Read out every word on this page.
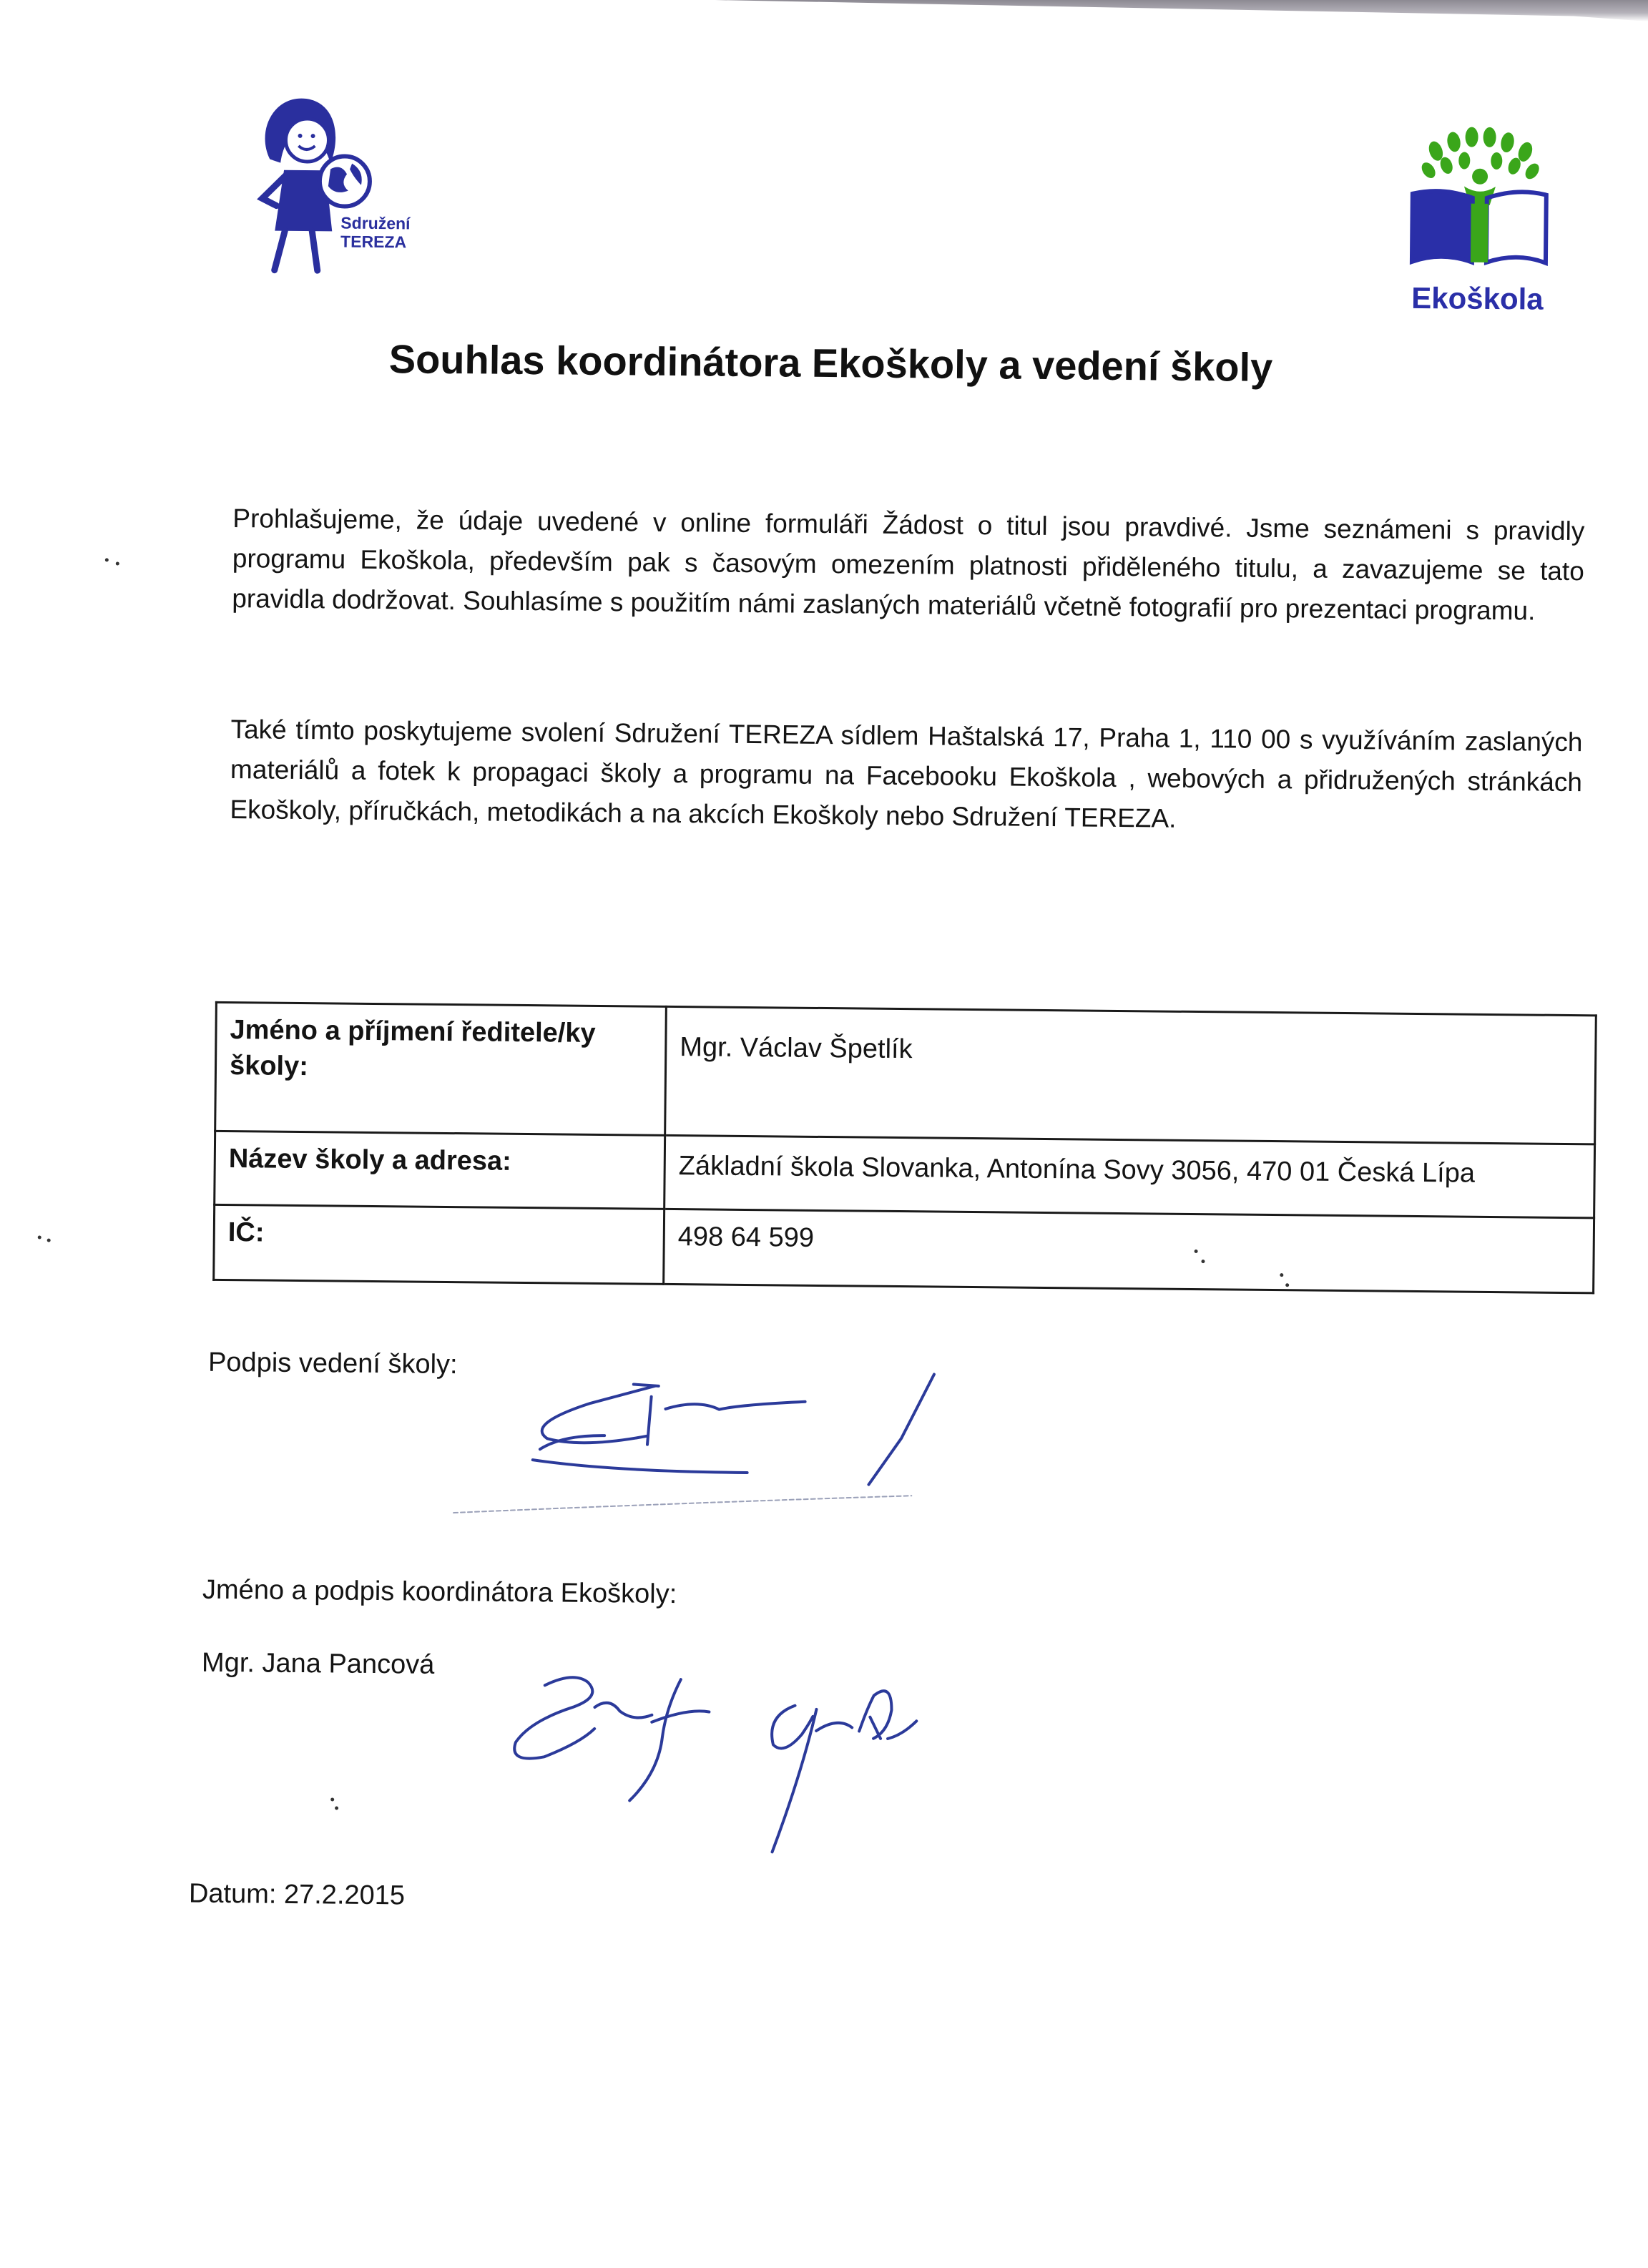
Sdružení
TEREZA
Ekoškola
Souhlas koordinátora Ekoškoly a vedení školy
Prohlašujeme, že údaje uvedené v online formuláři Žádost o titul jsou pravdivé. Jsme seznámeni s pravidly programu Ekoškola, především pak s časovým omezením platnosti přiděleného titulu, a zavazujeme se tato pravidla dodržovat. Souhlasíme s použitím námi zaslaných materiálů včetně fotografií pro prezentaci programu.
Také tímto poskytujeme svolení Sdružení TEREZA sídlem Haštalská 17, Praha 1, 110 00 s využíváním zaslaných materiálů a fotek k propagaci školy a programu na Facebooku Ekoškola , webových a přidružených stránkách Ekoškoly, příručkách, metodikách a na akcích Ekoškoly nebo Sdružení TEREZA.
Jméno a příjmení ředitele/ky školy:	Mgr. Václav Špetlík
Název školy a adresa:	Základní škola Slovanka, Antonína Sovy 3056, 470 01 Česká Lípa
IČ:	498 64 599
Podpis vedení školy:
Jméno a podpis koordinátora Ekoškoly:
Mgr. Jana Pancová
Datum: 27.2.2015
